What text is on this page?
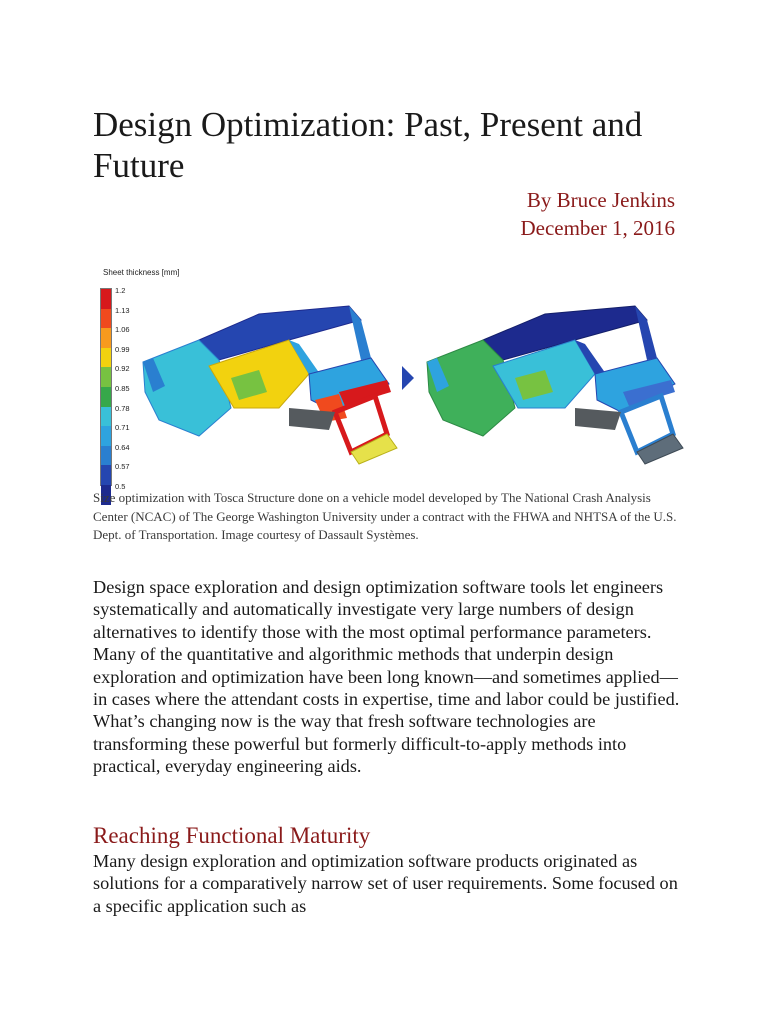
Design Optimization: Past, Present and Future
By Bruce Jenkins
December 1, 2016
Sheet thickness [mm]
1.2
1.13
1.06
0.99
0.92
0.85
0.78
0.71
0.64
0.57
0.5
Size optimization with Tosca Structure done on a vehicle model developed by The National Crash Analysis Center (NCAC) of The George Washington University under a contract with the FHWA and NHTSA of the U.S. Dept. of Transportation. Image courtesy of Dassault Systèmes.

Design space exploration and design optimization software tools let engineers systematically and automatically investigate very large numbers of design alternatives to identify those with the most optimal performance parameters. Many of the quantitative and algorithmic methods that underpin design exploration and optimization have been long known—and sometimes applied—in cases where the attendant costs in expertise, time and labor could be justified. What’s changing now is the way that fresh software technologies are transforming these powerful but formerly difficult-to-apply methods into practical, everyday engineering aids.

Reaching Functional Maturity

Many design exploration and optimization software products originated as solutions for a comparatively narrow set of user requirements. Some focused on a specific application such as
